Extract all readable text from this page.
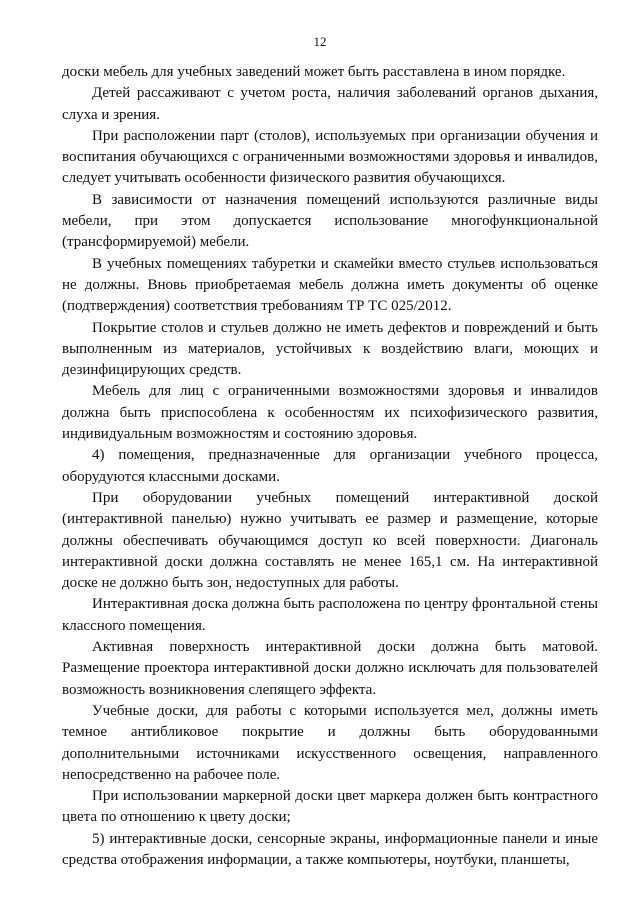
12

доски мебель для учебных заведений может быть расставлена в ином порядке.

Детей рассаживают с учетом роста, наличия заболеваний органов дыхания, слуха и зрения.

При расположении парт (столов), используемых при организации обучения и воспитания обучающихся с ограниченными возможностями здоровья и инвалидов, следует учитывать особенности физического развития обучающихся.

В зависимости от назначения помещений используются различные виды мебели, при этом допускается использование многофункциональной (трансформируемой) мебели.

В учебных помещениях табуретки и скамейки вместо стульев использоваться не должны. Вновь приобретаемая мебель должна иметь документы об оценке (подтверждения) соответствия требованиям ТР ТС 025/2012.

Покрытие столов и стульев должно не иметь дефектов и повреждений и быть выполненным из материалов, устойчивых к воздействию влаги, моющих и дезинфицирующих средств.

Мебель для лиц с ограниченными возможностями здоровья и инвалидов должна быть приспособлена к особенностям их психофизического развития, индивидуальным возможностям и состоянию здоровья.

4) помещения, предназначенные для организации учебного процесса, оборудуются классными досками.

При оборудовании учебных помещений интерактивной доской (интерактивной панелью) нужно учитывать ее размер и размещение, которые должны обеспечивать обучающимся доступ ко всей поверхности. Диагональ интерактивной доски должна составлять не менее 165,1 см. На интерактивной доске не должно быть зон, недоступных для работы.

Интерактивная доска должна быть расположена по центру фронтальной стены классного помещения.

Активная поверхность интерактивной доски должна быть матовой. Размещение проектора интерактивной доски должно исключать для пользователей возможность возникновения слепящего эффекта.

Учебные доски, для работы с которыми используется мел, должны иметь темное антибликовое покрытие и должны быть оборудованными дополнительными источниками искусственного освещения, направленного непосредственно на рабочее поле.

При использовании маркерной доски цвет маркера должен быть контрастного цвета по отношению к цвету доски;

5) интерактивные доски, сенсорные экраны, информационные панели и иные средства отображения информации, а также компьютеры, ноутбуки, планшеты,
